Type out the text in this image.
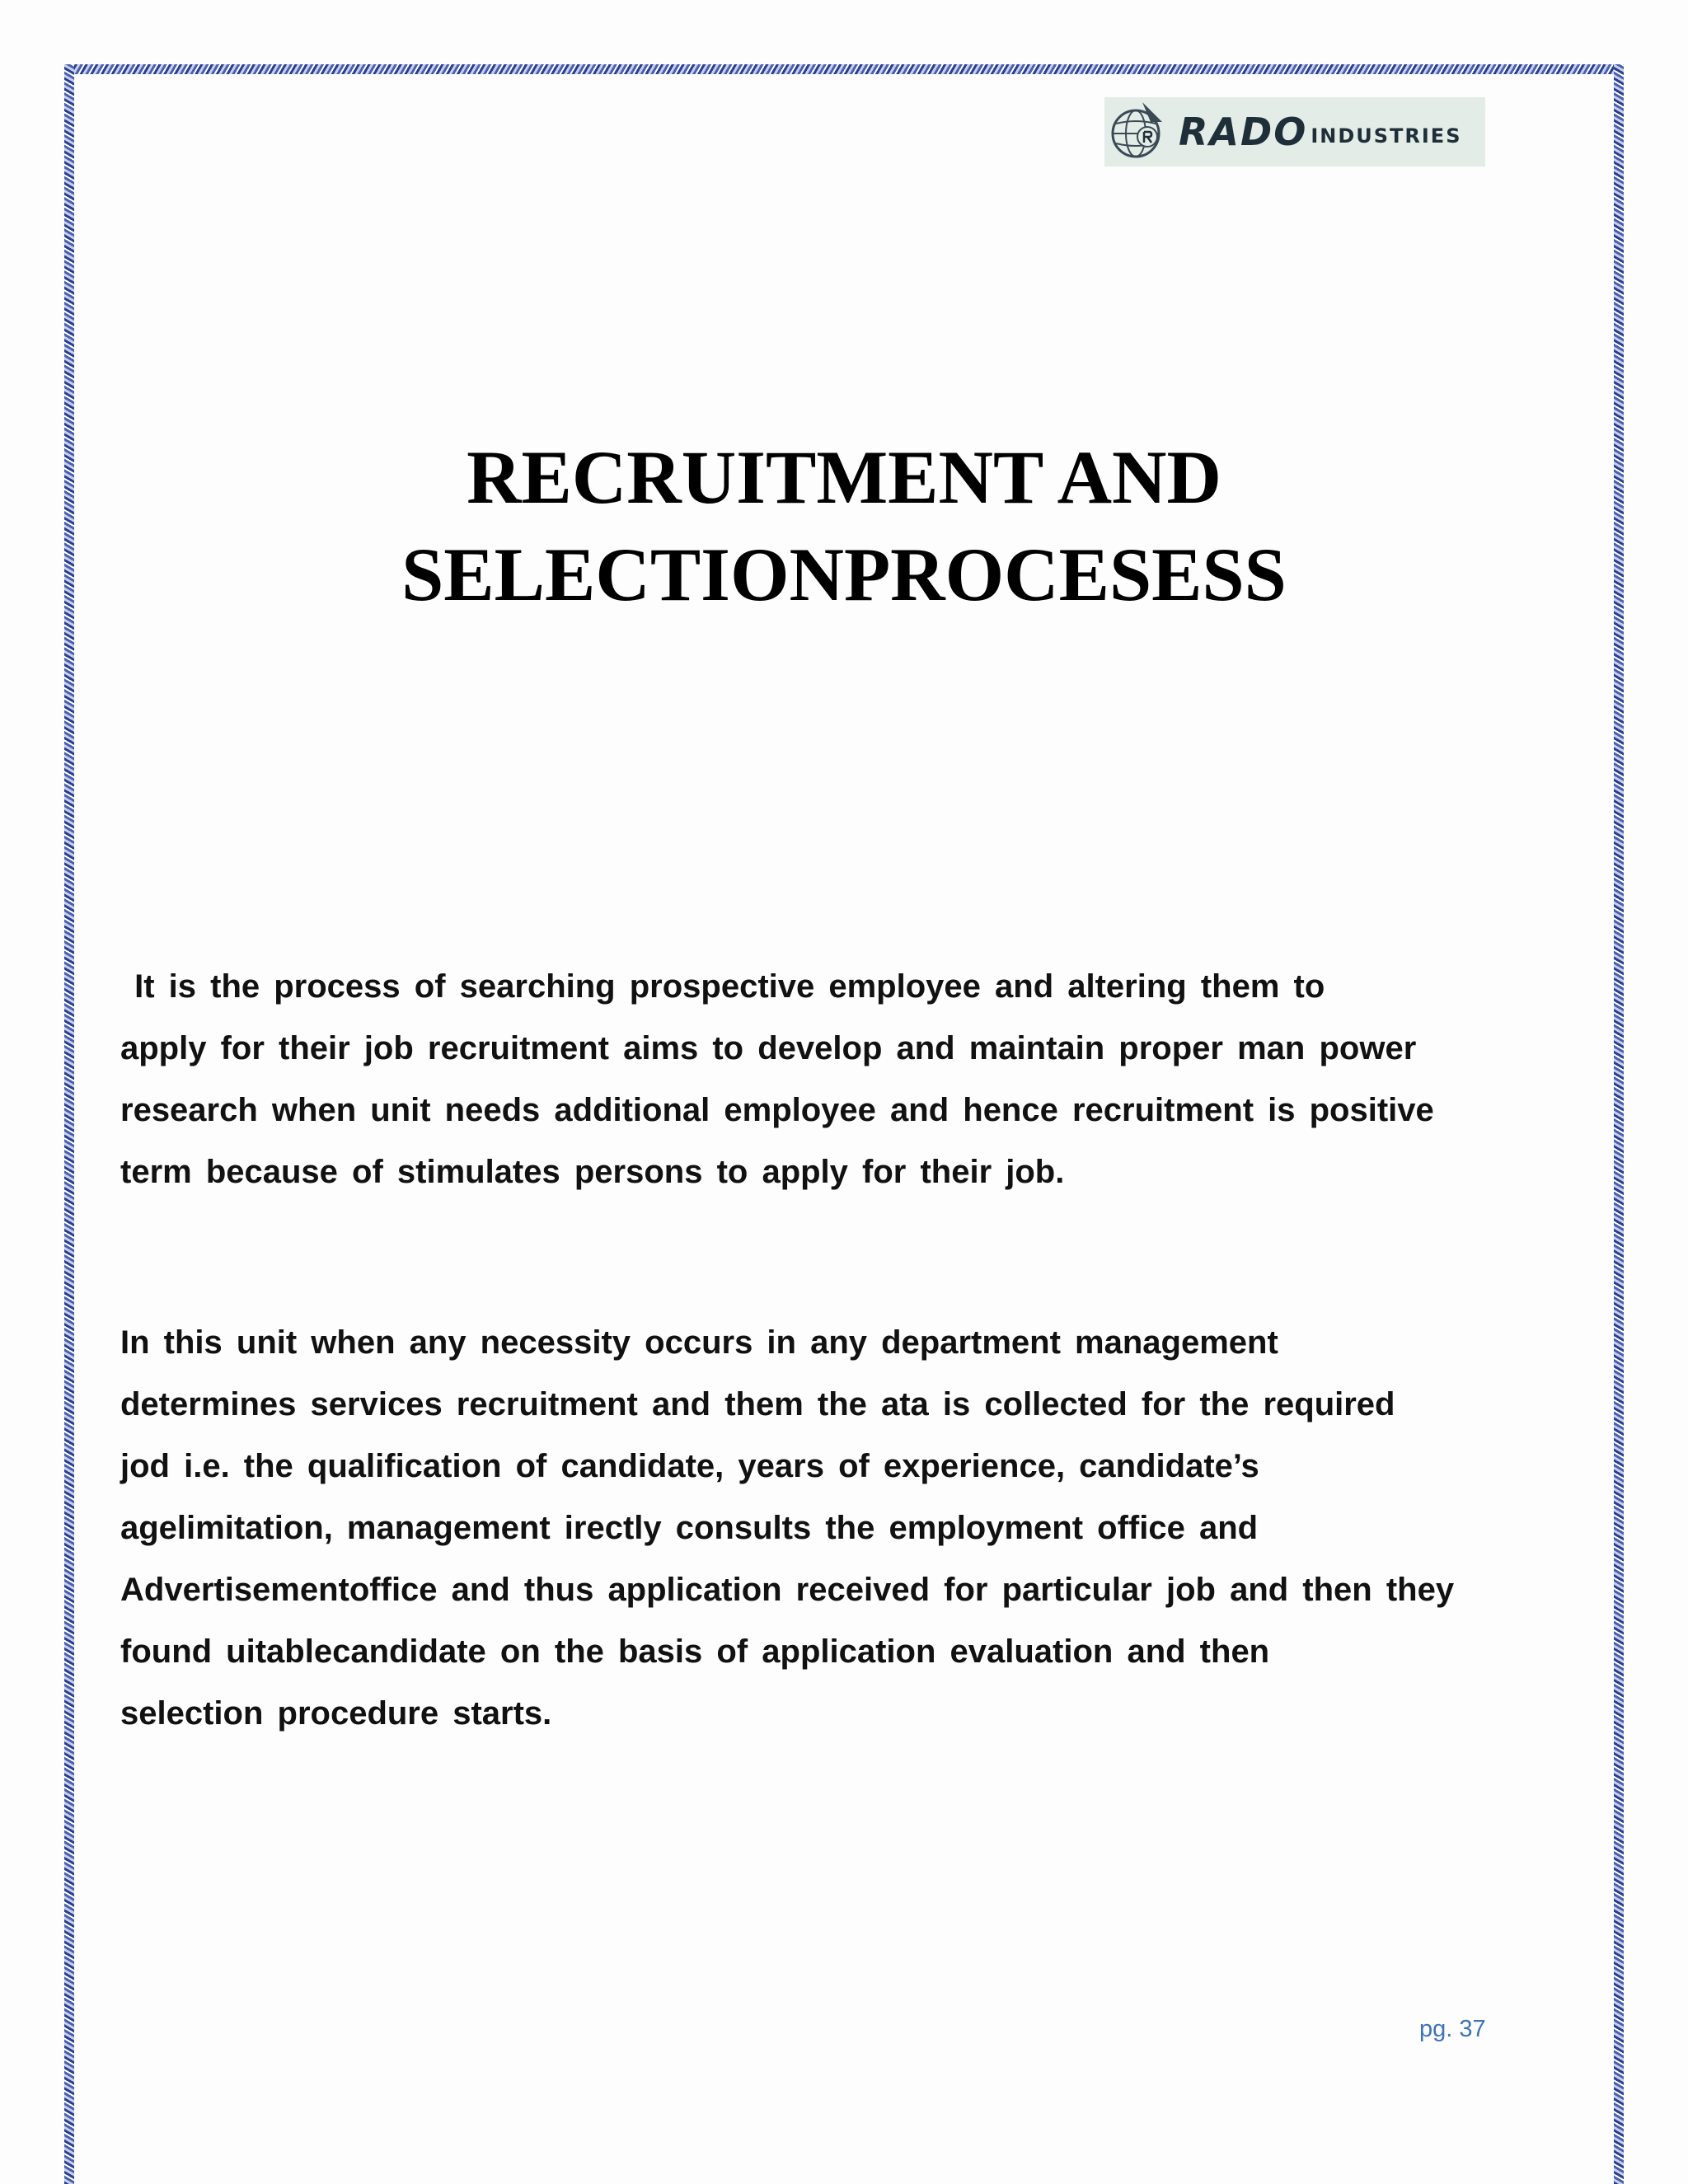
RADO INDUSTRIES
RECRUITMENT AND
SELECTIONPROCESESS
It is the process of searching prospective employee and altering them to
apply for their job recruitment aims to develop and maintain proper man power
research when unit needs additional employee and hence recruitment is positive
term because of stimulates persons to apply for their job.
In this unit when any necessity occurs in any department management
determines services recruitment and them the ata is collected for the required
jod i.e. the qualification of candidate, years of experience, candidate’s
agelimitation, management irectly consults the employment office and
Advertisementoffice and thus application received for particular job and then they
found uitablecandidate on the basis of application evaluation and then
selection procedure starts.
pg. 37
